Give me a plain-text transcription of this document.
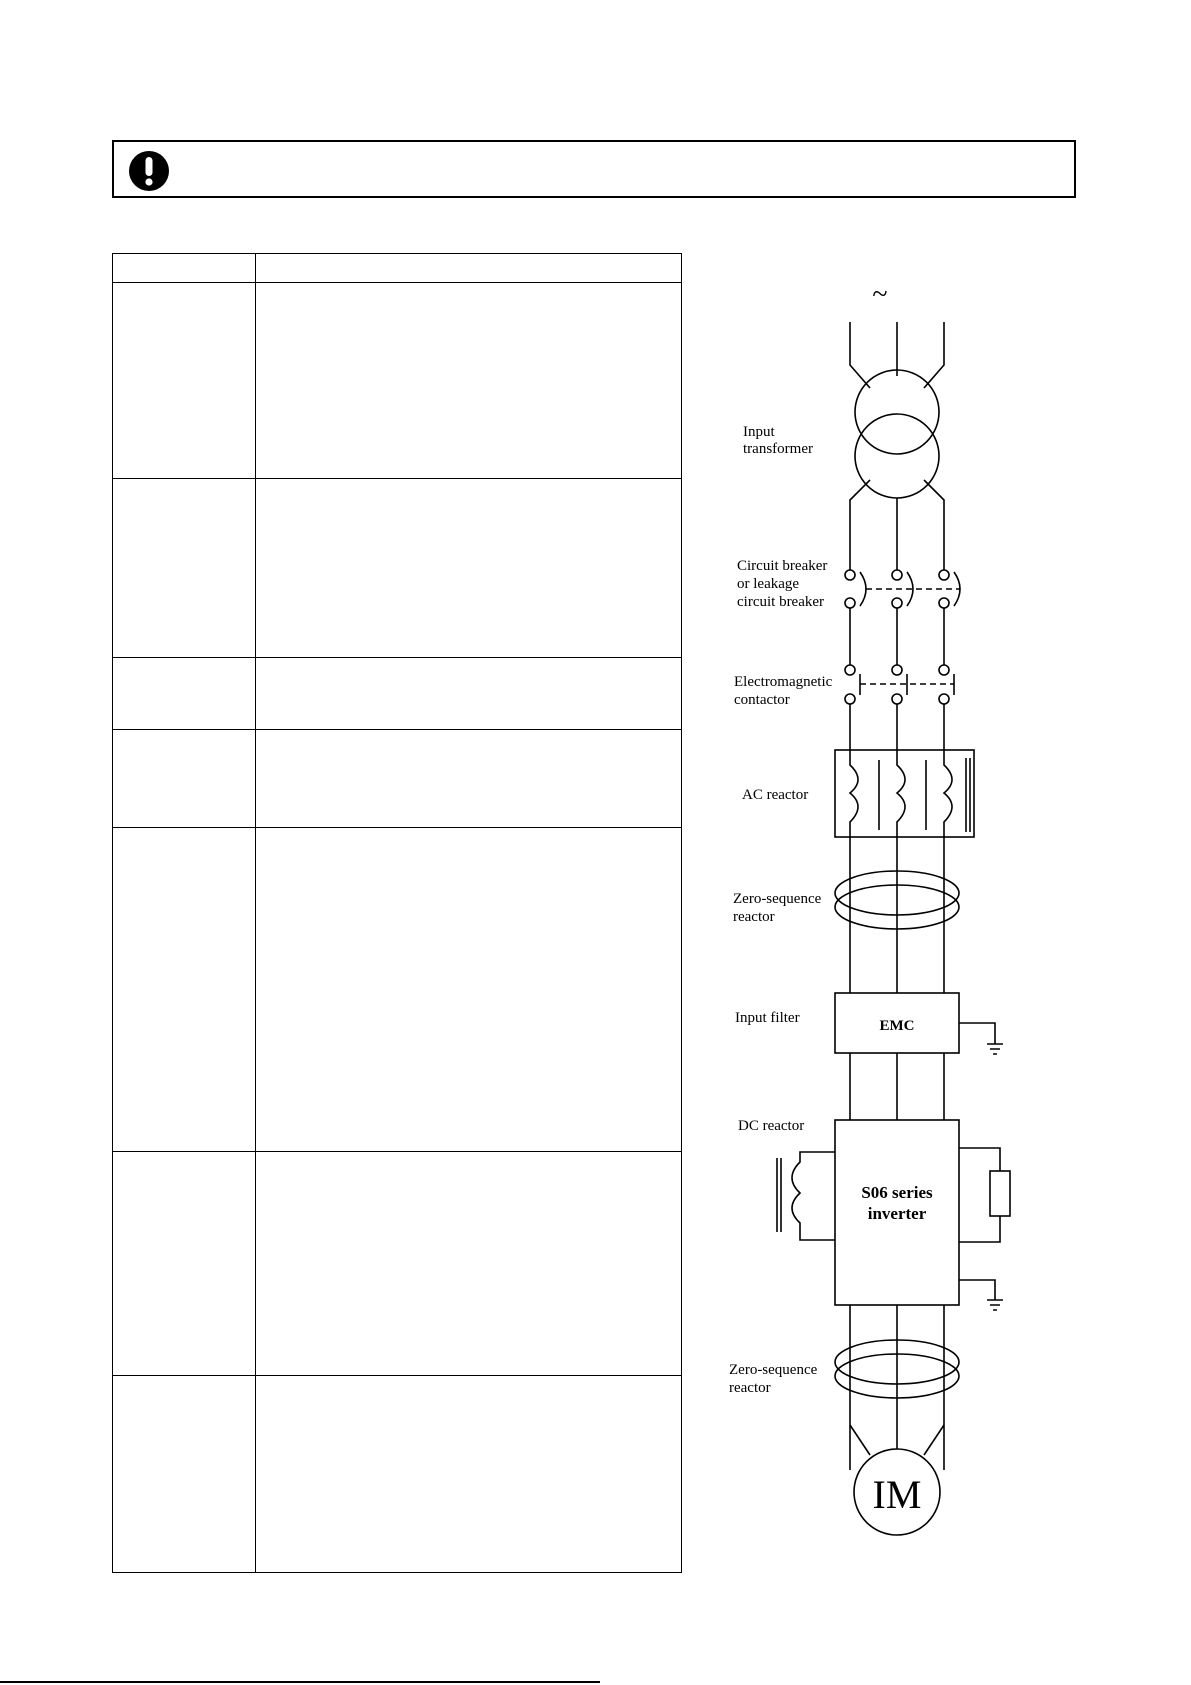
~
Input
transformer
Circuit breaker
or leakage
circuit breaker
Electromagnetic
contactor
AC reactor
Zero-sequence
reactor
EMC
Input filter
S06 series
inverter
DC reactor
Zero-sequence
reactor
IM
